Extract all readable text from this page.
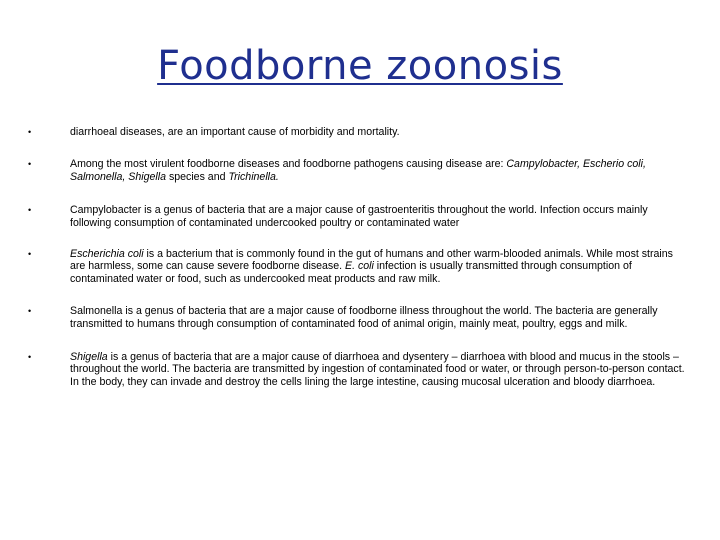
Foodborne zoonosis
•	diarrhoeal diseases, are an important cause of morbidity and mortality.
•	Among the most virulent foodborne diseases and foodborne pathogens causing disease are: Campylobacter, Escherio coli, Salmonella, Shigella species and Trichinella.
•	Campylobacter is a genus of bacteria that are a major cause of gastroenteritis throughout the world. Infection occurs mainly following consumption of contaminated undercooked poultry or contaminated water
•	Escherichia coli is a bacterium that is commonly found in the gut of humans and other warm-blooded animals. While most strains are harmless, some can cause severe foodborne disease. E. coli infection is usually transmitted through consumption of contaminated water or food, such as undercooked meat products and raw milk.
•	Salmonella is a genus of bacteria that are a major cause of foodborne illness throughout the world. The bacteria are generally transmitted to humans through consumption of contaminated food of animal origin, mainly meat, poultry, eggs and milk.
•	Shigella is a genus of bacteria that are a major cause of diarrhoea and dysentery – diarrhoea with blood and mucus in the stools – throughout the world. The bacteria are transmitted by ingestion of contaminated food or water, or through person-to-person contact. In the body, they can invade and destroy the cells lining the large intestine, causing mucosal ulceration and bloody diarrhoea.
